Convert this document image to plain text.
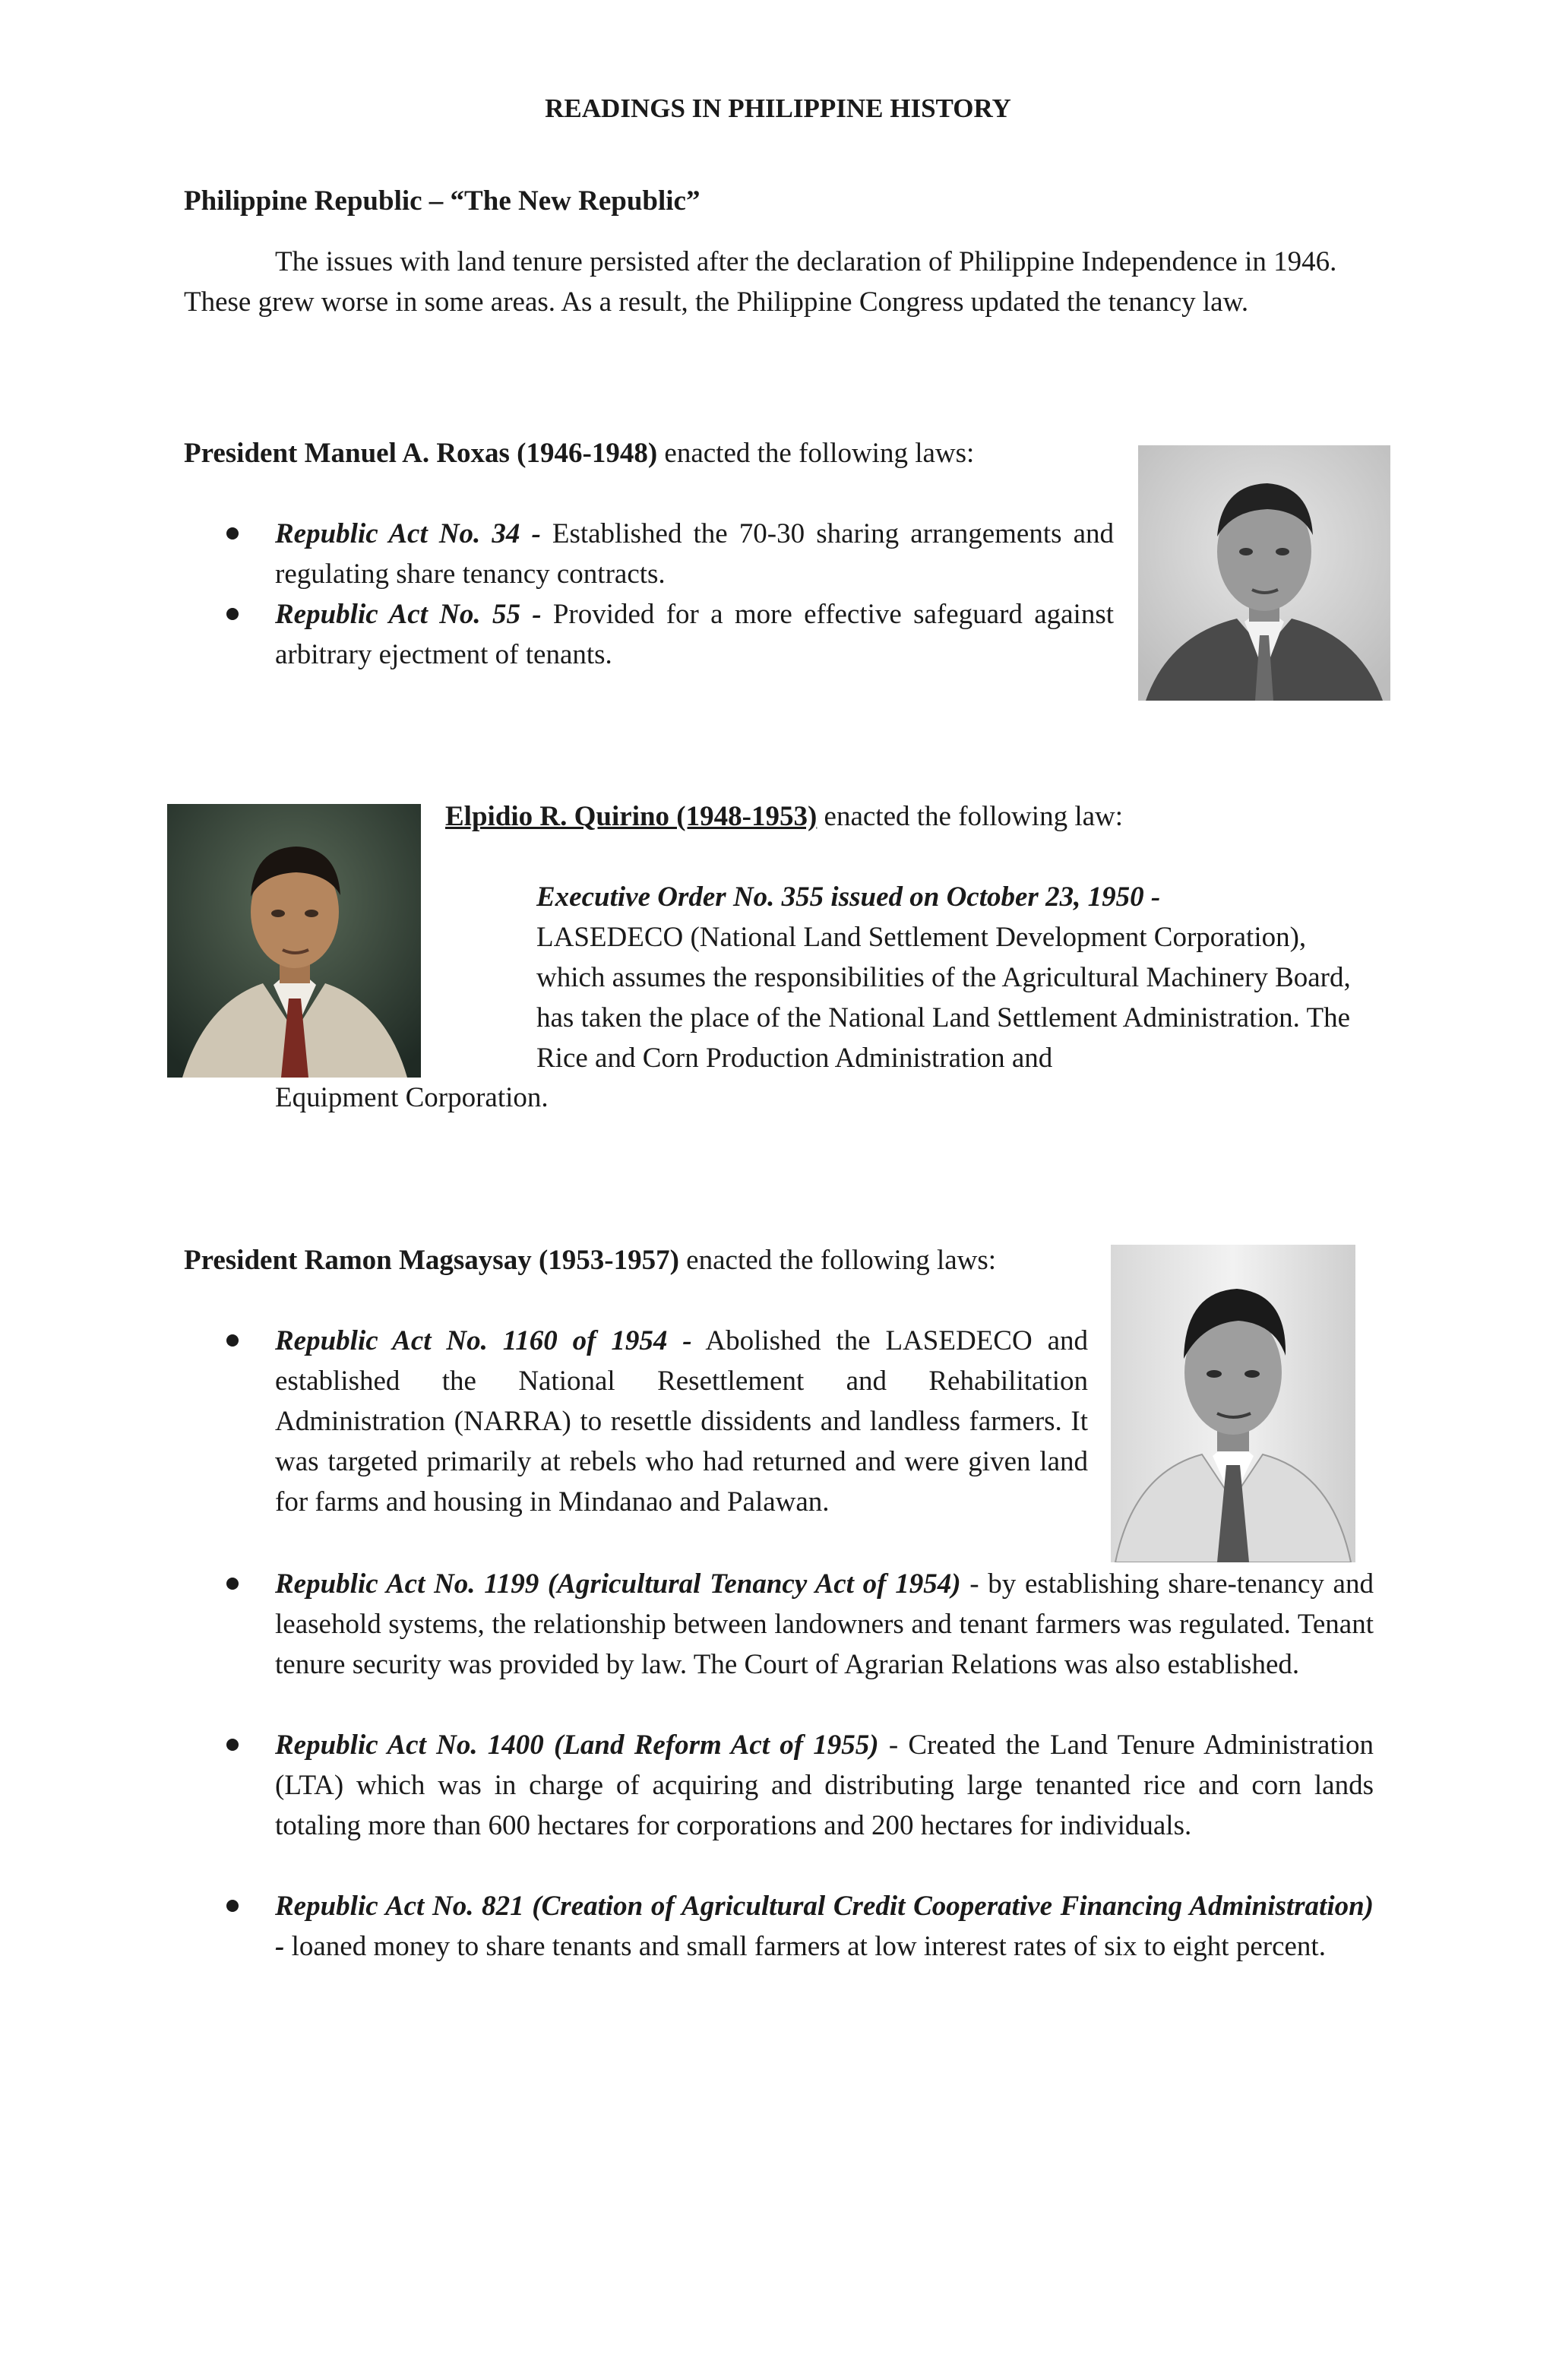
READINGS IN PHILIPPINE HISTORY
Philippine Republic – “The New Republic”
The issues with land tenure persisted after the declaration of Philippine Independence in 1946. These grew worse in some areas. As a result, the Philippine Congress updated the tenancy law.
President Manuel A. Roxas (1946-1948) enacted the following laws:
Republic Act No. 34 - Established the 70-30 sharing arrangements and regulating share tenancy contracts.
Republic Act No. 55 - Provided for a more effective safeguard against arbitrary ejectment of tenants.
Elpidio R. Quirino (1948-1953) enacted the following law:
Executive Order No. 355 issued on October 23, 1950 -
LASEDECO (National Land Settlement Development Corporation), which assumes the responsibilities of the Agricultural Machinery Board, has taken the place of the National Land Settlement Administration. The Rice and Corn Production Administration and
Equipment Corporation.
President Ramon Magsaysay (1953-1957) enacted the following laws:
Republic Act No. 1160 of 1954 - Abolished the LASEDECO and established the National Resettlement and Rehabilitation Administration (NARRA) to resettle dissidents and landless farmers. It was targeted primarily at rebels who had returned and were given land for farms and housing in Mindanao and Palawan.
Republic Act No. 1199 (Agricultural Tenancy Act of 1954) - by establishing share-tenancy and leasehold systems, the relationship between landowners and tenant farmers was regulated. Tenant tenure security was provided by law. The Court of Agrarian Relations was also established.
Republic Act No. 1400 (Land Reform Act of 1955) - Created the Land Tenure Administration (LTA) which was in charge of acquiring and distributing large tenanted rice and corn lands totaling more than 600 hectares for corporations and 200 hectares for individuals.
Republic Act No. 821 (Creation of Agricultural Credit Cooperative Financing Administration) - loaned money to share tenants and small farmers at low interest rates of six to eight percent.
